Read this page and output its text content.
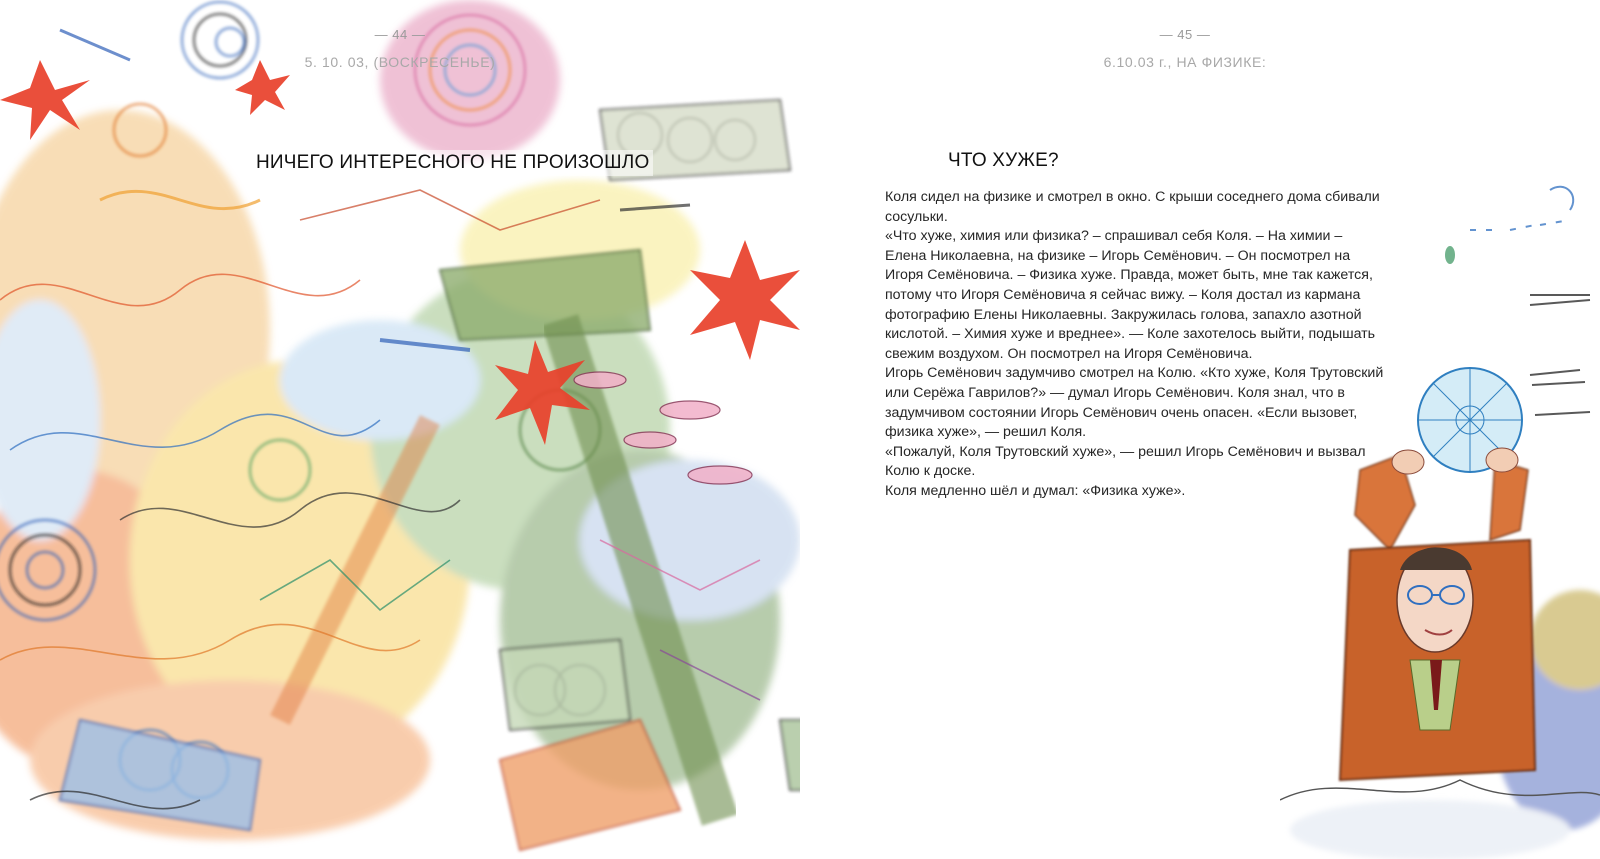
— 44 —
5. 10. 03, (ВОСКРЕСЕНЬЕ)
НИЧЕГО ИНТЕРЕСНОГО НЕ ПРОИЗОШЛО
— 45 —
6.10.03 г., НА ФИЗИКЕ:
ЧТО ХУЖЕ?

Коля сидел на физике и смотрел в окно. С крыши соседнего дома сбивали сосульки.

«Что хуже, химия или физика? – спрашивал себя Коля. – На химии – Елена Николаевна, на физике – Игорь Семёнович. – Он посмотрел на Игоря Семёновича. – Физика хуже. Правда, может быть, мне так кажется, потому что Игоря Семёновича я сейчас вижу. – Коля достал из кармана фотографию Елены Николаевны. Закружилась голова, запахло азотной кислотой. – Химия хуже и вреднее». — Коле захотелось выйти, подышать свежим воздухом. Он посмотрел на Игоря Семёновича.

Игорь Семёнович задумчиво смотрел на Колю. «Кто хуже, Коля Трутовский или Серёжа Гаврилов?» — думал Игорь Семёнович. Коля знал, что в задумчивом состоянии Игорь Семёнович очень опасен. «Если вызовет, физика хуже», — решил Коля.

«Пожалуй, Коля Трутовский хуже», — решил Игорь Семёнович и вызвал Колю к доске.

Коля медленно шёл и думал: «Физика хуже».
